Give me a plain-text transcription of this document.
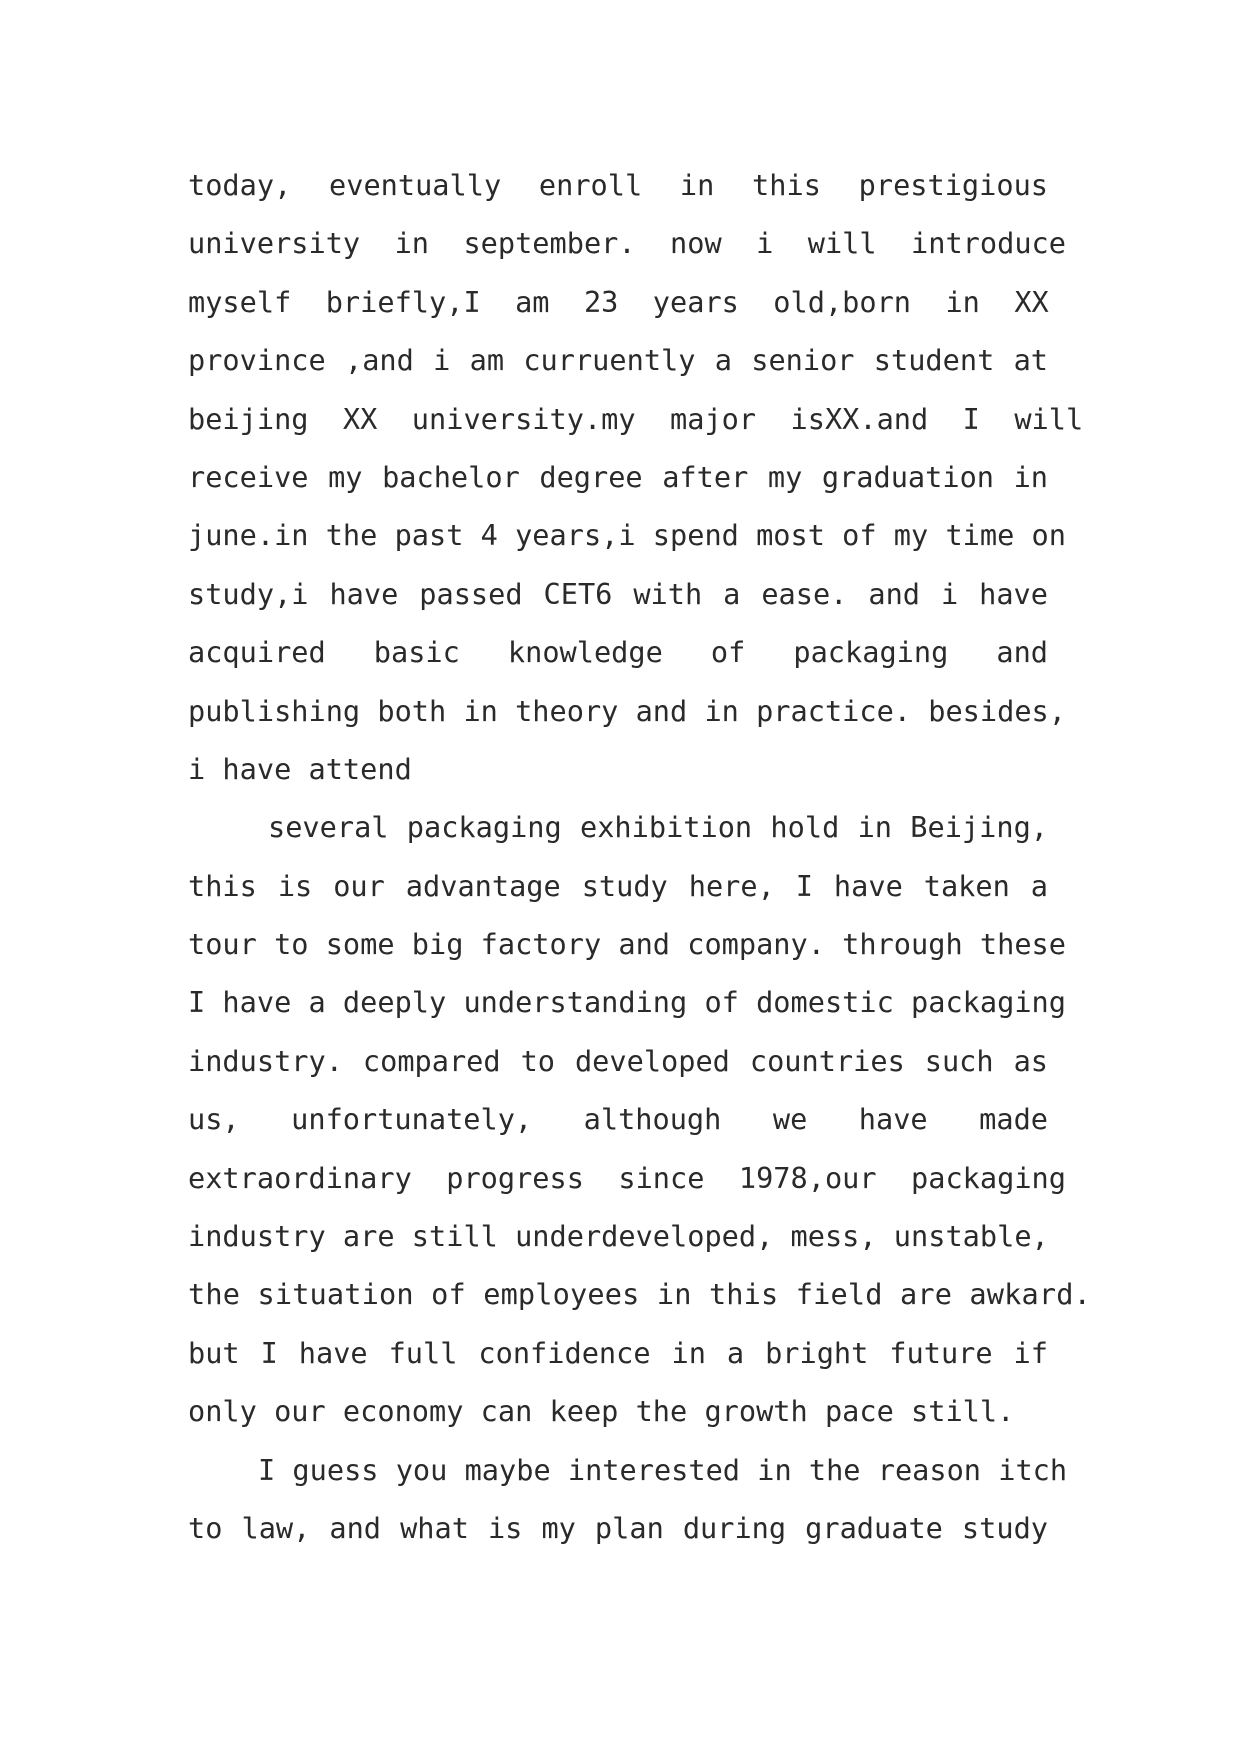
today,  eventually  enroll  in  this  prestigious
university  in  september.  now  i  will  introduce
myself  briefly,I  am  23  years  old,born  in  XX
province ,and i am curruently a senior student at
beijing  XX  university.my  major  isXX.and  I  will
receive my bachelor degree after my graduation in
june.in the past 4 years,i spend most of my time on
study,i have passed CET6 with a ease. and i have
acquired  basic  knowledge  of  packaging  and
publishing both in theory and in practice. besides,
i have attend
several packaging exhibition hold in Beijing,
this is our advantage study here, I have taken a
tour to some big factory and company. through these
I have a deeply understanding of domestic packaging
industry. compared to developed countries such as
us,  unfortunately,  although  we  have  made
extraordinary  progress  since  1978,our  packaging
industry are still underdeveloped, mess, unstable,
the situation of employees in this field are awkard.
but I have full confidence in a bright future if
only our economy can keep the growth pace still.
I guess you maybe interested in the reason itch
to law, and what is my plan during graduate study
